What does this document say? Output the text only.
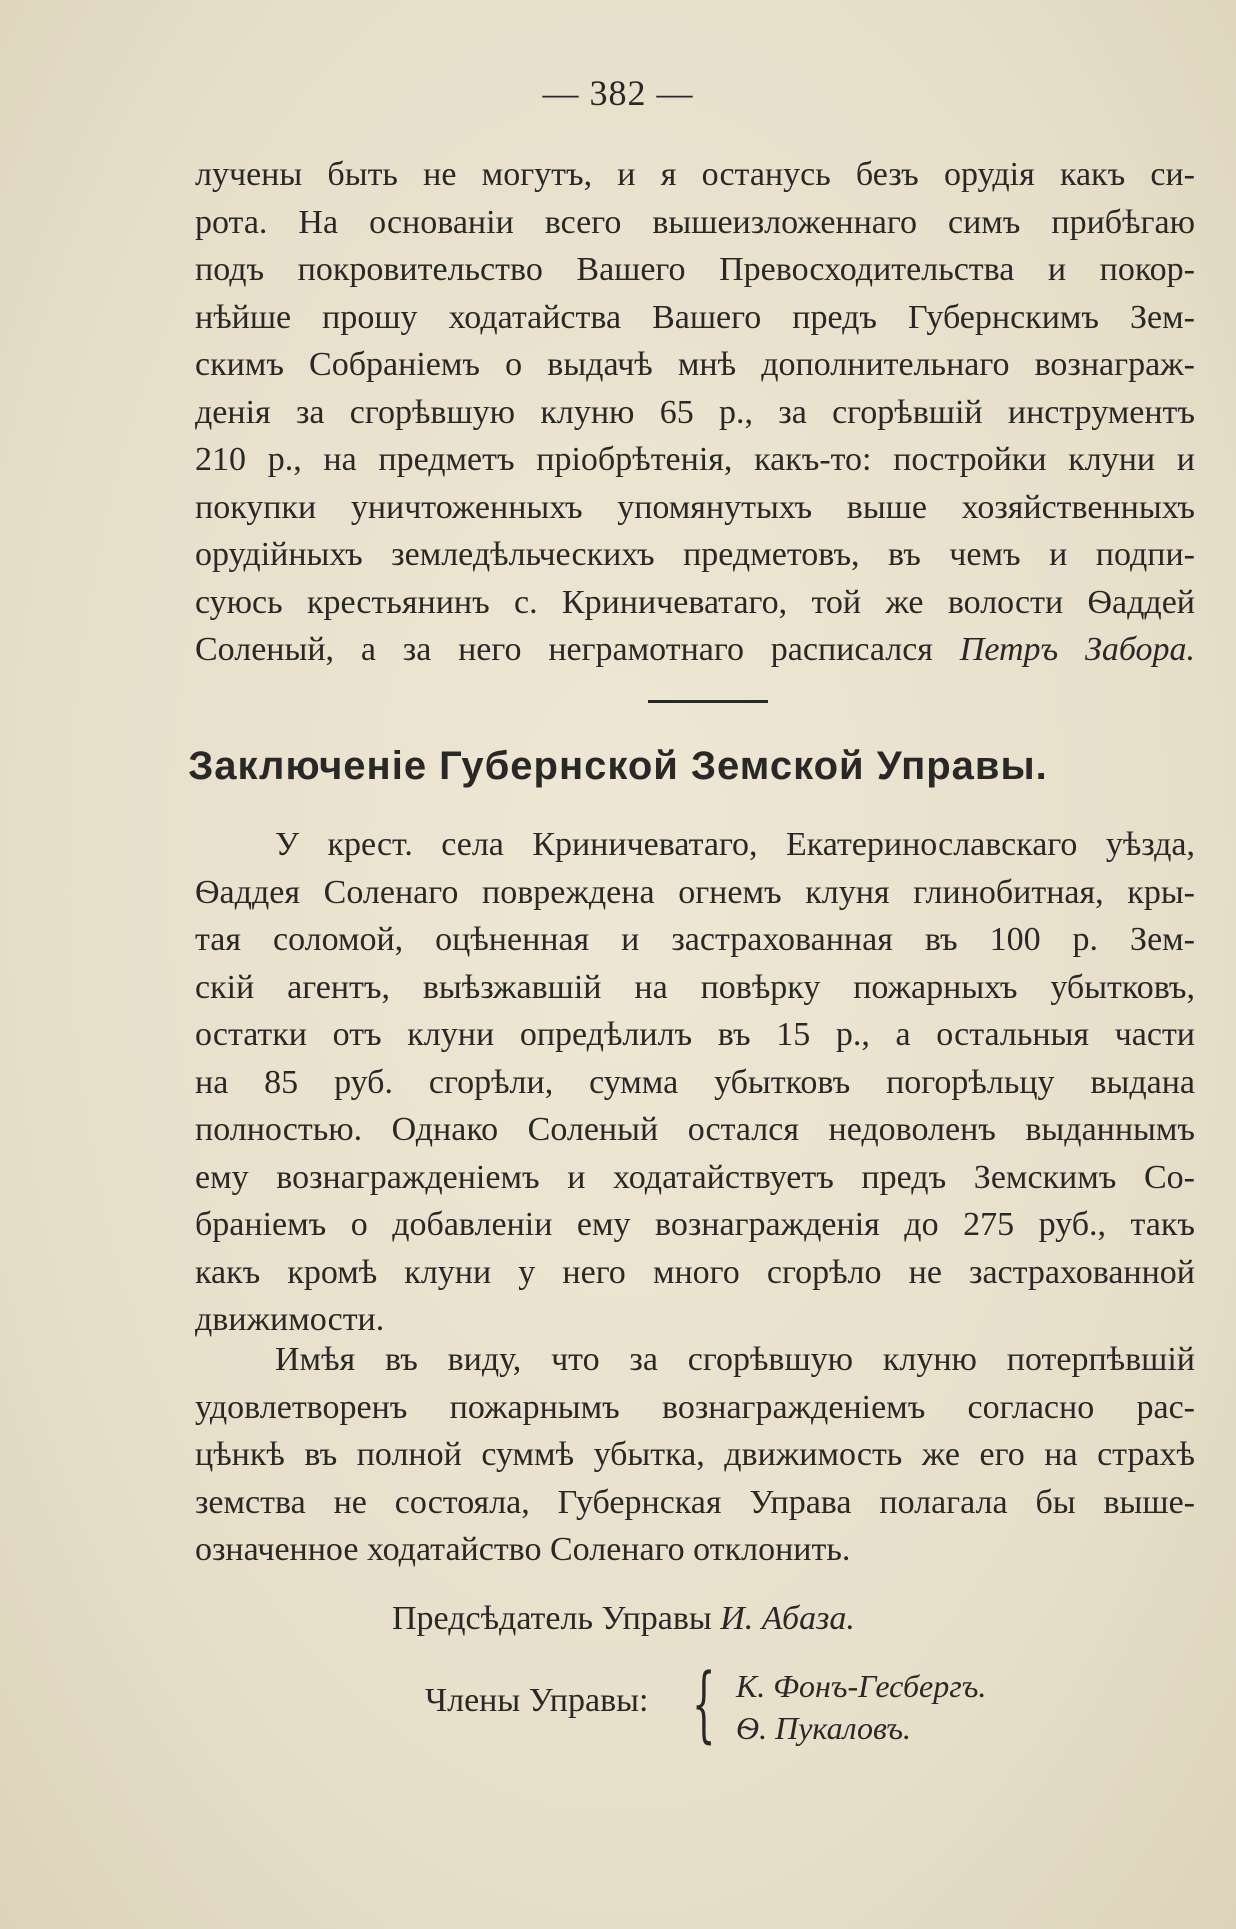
— 382 —
лучены быть не могутъ, и я останусь безъ орудія какъ си-
рота. На основаніи всего вышеизложеннаго симъ прибѣгаю
подъ покровительство Вашего Превосходительства и покор-
нѣйше прошу ходатайства Вашего предъ Губернскимъ Зем-
скимъ Собраніемъ о выдачѣ мнѣ дополнительнаго вознаграж-
денія за сгорѣвшую клуню 65 р., за сгорѣвшій инструментъ
210 р., на предметъ пріобрѣтенія, какъ-то: постройки клуни и
покупки уничтоженныхъ упомянутыхъ выше хозяйственныхъ
орудійныхъ земледѣльческихъ предметовъ, въ чемъ и подпи-
суюсь крестьянинъ с. Криничеватаго, той же волости Ѳаддей
Соленый, а за него неграмотнаго расписался Петръ Забора.
Заключеніе Губернской Земской Управы.
У крест. села Криничеватаго, Екатеринославскаго уѣзда,
Ѳаддея Соленаго повреждена огнемъ клуня глинобитная, кры-
тая соломой, оцѣненная и застрахованная въ 100 р. Зем-
скій агентъ, выѣзжавшій на повѣрку пожарныхъ убытковъ,
остатки отъ клуни опредѣлилъ въ 15 р., а остальныя части
на 85 руб. сгорѣли, сумма убытковъ погорѣльцу выдана
полностью. Однако Соленый остался недоволенъ выданнымъ
ему вознагражденіемъ и ходатайствуетъ предъ Земскимъ Со-
браніемъ о добавленіи ему вознагражденія до 275 руб., такъ
какъ кромѣ клуни у него много сгорѣло не застрахованной
движимости.
Имѣя въ виду, что за сгорѣвшую клуню потерпѣвшій
удовлетворенъ пожарнымъ вознагражденіемъ согласно рас-
цѣнкѣ въ полной суммѣ убытка, движимость же его на страхѣ
земства не состояла, Губернская Управа полагала бы выше-
означенное ходатайство Соленаго отклонить.
Предсѣдатель Управы И. Абаза.
Члены Управы: { К. Фонъ-Гесбергъ.
Ѳ. Пукаловъ.
